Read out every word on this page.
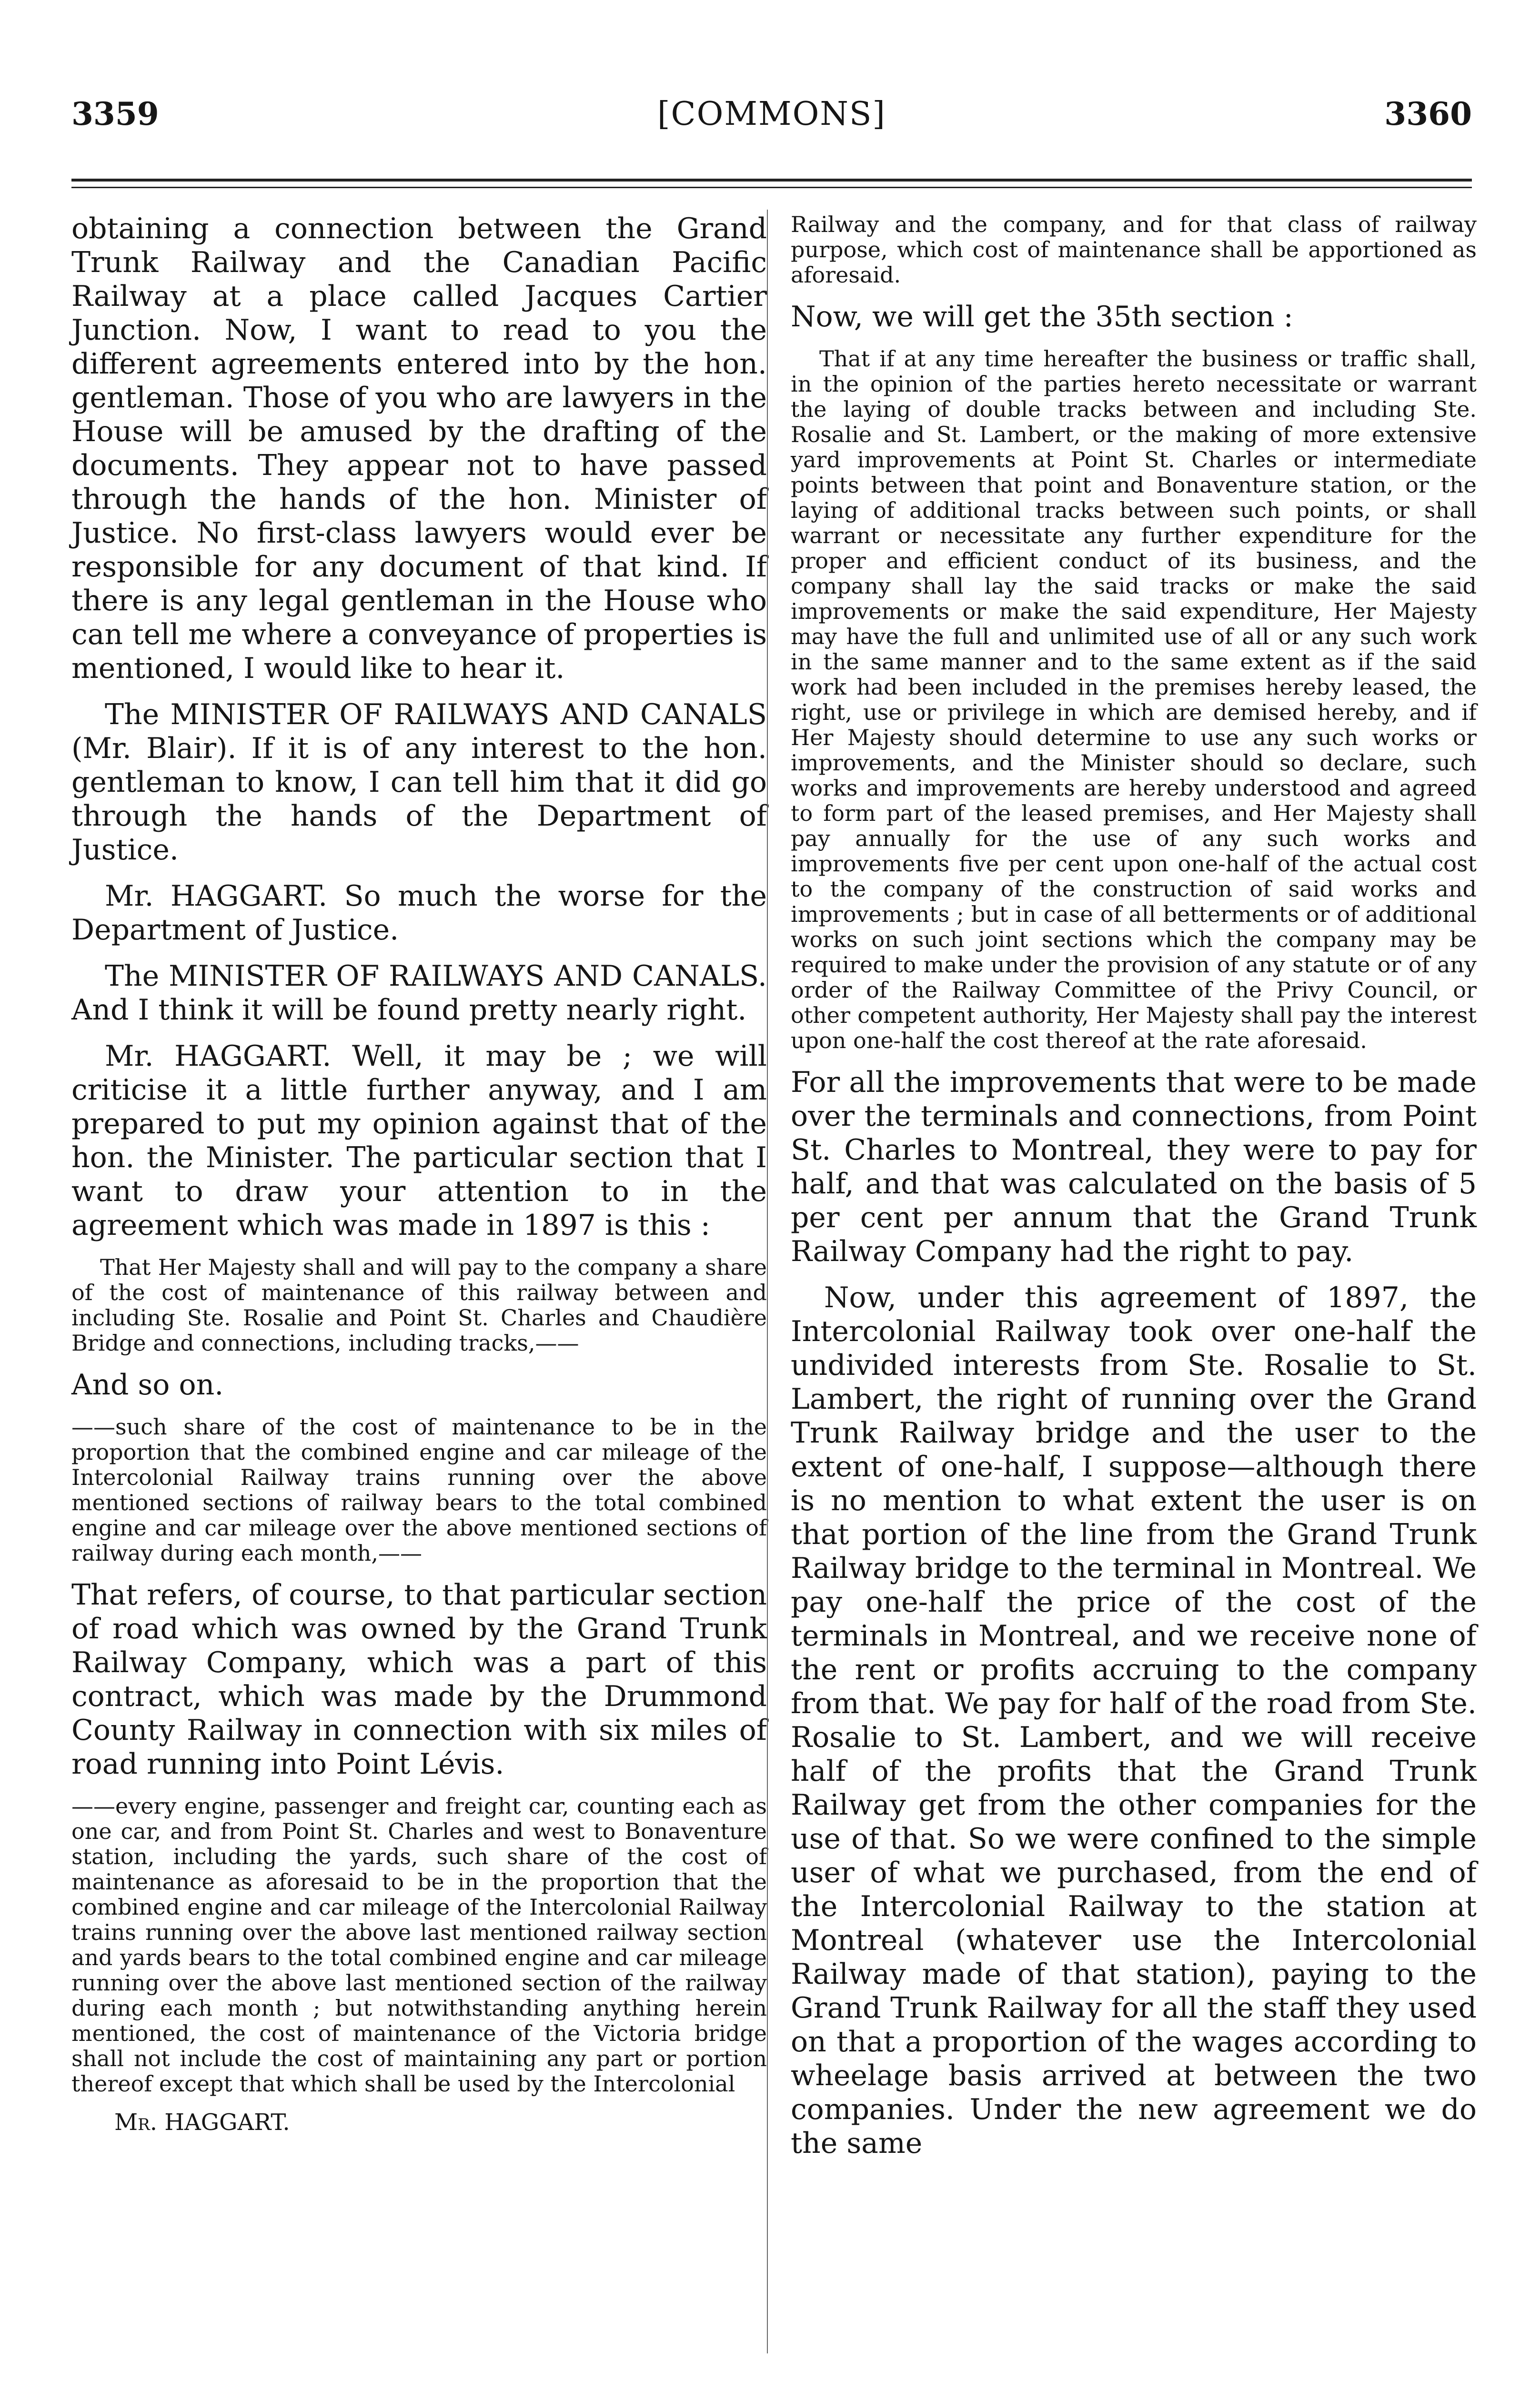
3359	[COMMONS]	3360

obtaining a connection between the Grand Trunk Railway and the Canadian Pacific Railway at a place called Jacques Cartier Junction. Now, I want to read to you the different agreements entered into by the hon. gentleman. Those of you who are lawyers in the House will be amused by the drafting of the documents. They appear not to have passed through the hands of the hon. Minister of Justice. No first-class lawyers would ever be responsible for any document of that kind. If there is any legal gentleman in the House who can tell me where a conveyance of properties is mentioned, I would like to hear it.

The MINISTER OF RAILWAYS AND CANALS (Mr. Blair). If it is of any interest to the hon. gentleman to know, I can tell him that it did go through the hands of the Department of Justice.

Mr. HAGGART. So much the worse for the Department of Justice.

The MINISTER OF RAILWAYS AND CANALS. And I think it will be found pretty nearly right.

Mr. HAGGART. Well, it may be ; we will criticise it a little further anyway, and I am prepared to put my opinion against that of the hon. the Minister. The particular section that I want to draw your attention to in the agreement which was made in 1897 is this :

That Her Majesty shall and will pay to the company a share of the cost of maintenance of this railway between and including Ste. Rosalie and Point St. Charles and Chaudière Bridge and connections, including tracks,——

And so on.

——such share of the cost of maintenance to be in the proportion that the combined engine and car mileage of the Intercolonial Railway trains running over the above mentioned sections of railway bears to the total combined engine and car mileage over the above mentioned sections of railway during each month,——

That refers, of course, to that particular section of road which was owned by the Grand Trunk Railway Company, which was a part of this contract, which was made by the Drummond County Railway in connection with six miles of road running into Point Lévis.

——every engine, passenger and freight car, counting each as one car, and from Point St. Charles and west to Bonaventure station, including the yards, such share of the cost of maintenance as aforesaid to be in the proportion that the combined engine and car mileage of the Intercolonial Railway trains running over the above last mentioned railway section and yards bears to the total combined engine and car mileage running over the above last mentioned section of the railway during each month ; but notwithstanding anything herein mentioned, the cost of maintenance of the Victoria bridge shall not include the cost of maintaining any part or portion thereof except that which shall be used by the Intercolonial

Mr. HAGGART.

Railway and the company, and for that class of railway purpose, which cost of maintenance shall be apportioned as aforesaid.

Now, we will get the 35th section :

That if at any time hereafter the business or traffic shall, in the opinion of the parties hereto necessitate or warrant the laying of double tracks between and including Ste. Rosalie and St. Lambert, or the making of more extensive yard improvements at Point St. Charles or intermediate points between that point and Bonaventure station, or the laying of additional tracks between such points, or shall warrant or necessitate any further expenditure for the proper and efficient conduct of its business, and the company shall lay the said tracks or make the said improvements or make the said expenditure, Her Majesty may have the full and unlimited use of all or any such work in the same manner and to the same extent as if the said work had been included in the premises hereby leased, the right, use or privilege in which are demised hereby, and if Her Majesty should determine to use any such works or improvements, and the Minister should so declare, such works and improvements are hereby understood and agreed to form part of the leased premises, and Her Majesty shall pay annually for the use of any such works and improvements five per cent upon one-half of the actual cost to the company of the construction of said works and improvements ; but in case of all betterments or of additional works on such joint sections which the company may be required to make under the provision of any statute or of any order of the Railway Committee of the Privy Council, or other competent authority, Her Majesty shall pay the interest upon one-half the cost thereof at the rate aforesaid.

For all the improvements that were to be made over the terminals and connections, from Point St. Charles to Montreal, they were to pay for half, and that was calculated on the basis of 5 per cent per annum that the Grand Trunk Railway Company had the right to pay.

Now, under this agreement of 1897, the Intercolonial Railway took over one-half the undivided interests from Ste. Rosalie to St. Lambert, the right of running over the Grand Trunk Railway bridge and the user to the extent of one-half, I suppose—although there is no mention to what extent the user is on that portion of the line from the Grand Trunk Railway bridge to the terminal in Montreal. We pay one-half the price of the cost of the terminals in Montreal, and we receive none of the rent or profits accruing to the company from that. We pay for half of the road from Ste. Rosalie to St. Lambert, and we will receive half of the profits that the Grand Trunk Railway get from the other companies for the use of that. So we were confined to the simple user of what we purchased, from the end of the Intercolonial Railway to the station at Montreal (whatever use the Intercolonial Railway made of that station), paying to the Grand Trunk Railway for all the staff they used on that a proportion of the wages according to wheelage basis arrived at between the two companies. Under the new agreement we do the same
